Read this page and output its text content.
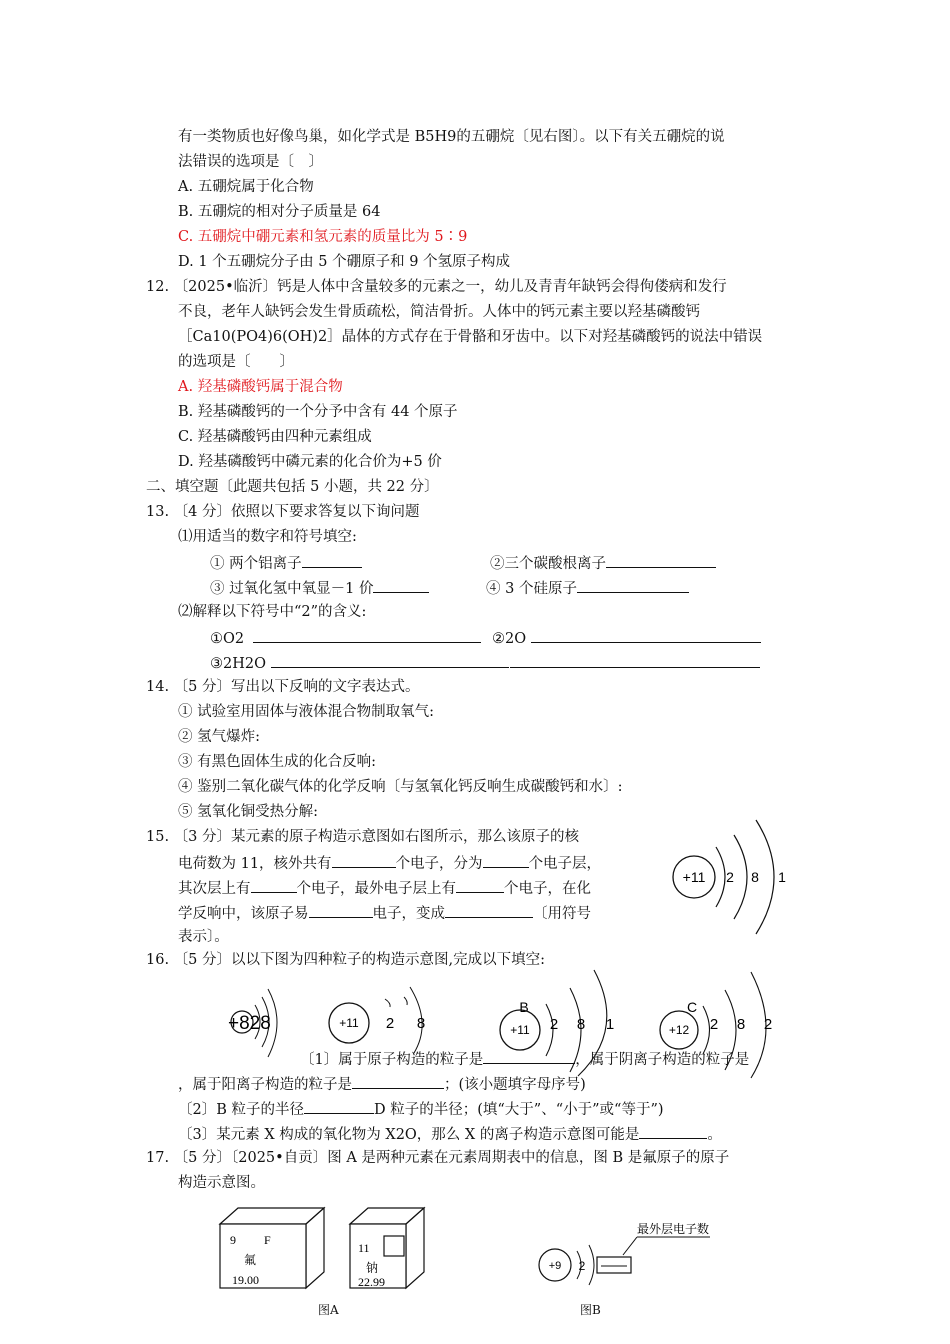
有一类物质也好像鸟巢，如化学式是 B5H9的五硼烷〔见右图〕。以下有关五硼烷的说
法错误的选项是〔　〕
A. 五硼烷属于化合物
B. 五硼烷的相对分子质量是 64
C. 五硼烷中硼元素和氢元素的质量比为 5∶9
D. 1 个五硼烷分子由 5 个硼原子和 9 个氢原子构成
12. 〔2025•临沂〕钙是人体中含量较多的元素之一，幼儿及青青年缺钙会得佝偻病和发行
不良，老年人缺钙会发生骨质疏松，简洁骨折。人体中的钙元素主要以羟基磷酸钙
［Ca10(PO4)6(OH)2］晶体的方式存在于骨骼和牙齿中。以下对羟基磷酸钙的说法中错误
的选项是〔　　〕
A. 羟基磷酸钙属于混合物
B. 羟基磷酸钙的一个分予中含有 44 个原子
C. 羟基磷酸钙由四种元素组成
D. 羟基磷酸钙中磷元素的化合价为+5 价
二、填空题〔此题共包括 5 小题，共 22 分〕
13. 〔4 分〕依照以下要求答复以下询问题
⑴用适当的数字和符号填空:
① 两个铝离子	②三个碳酸根离子
③ 过氧化氢中氧显－1 价	④ 3 个硅原子
⑵解释以下符号中“2”的含义:
①O2	②2O
③2H2O
14. 〔5 分〕写出以下反响的文字表达式。
① 试验室用固体与液体混合物制取氧气:
② 氢气爆炸:
③ 有黑色固体生成的化合反响:
④ 鉴别二氧化碳气体的化学反响〔与氢氧化钙反响生成碳酸钙和水〕:
⑤ 氢氧化铜受热分解:
15. 〔3 分〕某元素的原子构造示意图如右图所示，那么该原子的核
电荷数为 11，核外共有	个电子，分为	个电子层，
其次层上有	个电子，最外电子层上有	个电子，在化
学反响中，该原子易	电子，变成	〔用符号
表示〕。
+11 2 8 1
16. 〔5 分〕以以下图为四种粒子的构造示意图,完成以下填空:
+828	+11 2 8
B
+11 2 8 1
C
+12 2 8 2
〔1〕属于原子构造的粒子是	，属于阴离子构造的粒子是
，属于阳离子构造的粒子是	；(该小题填字母序号)
〔2〕B 粒子的半径	D 粒子的半径；(填“大于”、“小于”或“等于”)
〔3〕某元素 X 构成的氧化物为 X2O，那么 X 的离子构造示意图可能是	。
17. 〔5 分〕〔2025•自贡〕图 A 是两种元素在元素周期表中的信息，图 B 是氟原子的原子
构造示意图。
9 F
氟
19.00
11
钠
22.99
图A
最外层电子数
+9 2
图B
